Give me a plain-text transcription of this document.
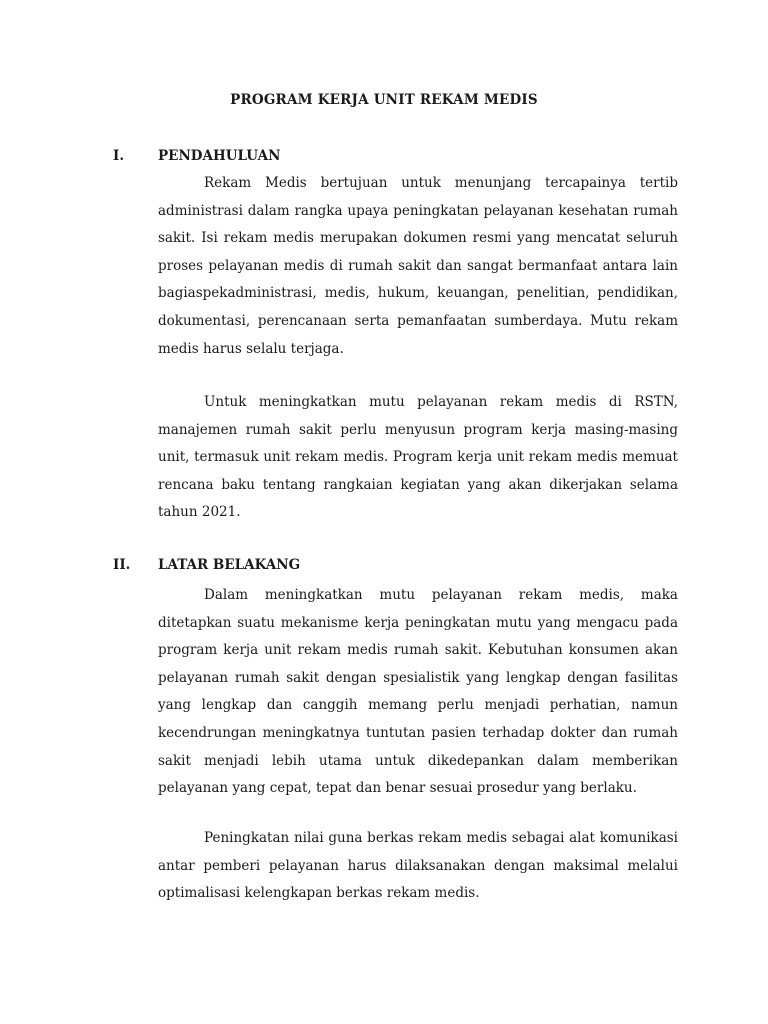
PROGRAM KERJA UNIT REKAM MEDIS
I.	PENDAHULUAN

Rekam Medis bertujuan untuk menunjang tercapainya tertib administrasi dalam rangka upaya peningkatan pelayanan kesehatan rumah sakit. Isi rekam medis merupakan dokumen resmi yang mencatat seluruh proses pelayanan medis di rumah sakit dan sangat bermanfaat antara lain bagiaspekadministrasi, medis, hukum, keuangan, penelitian, pendidikan, dokumentasi, perencanaan serta pemanfaatan sumberdaya. Mutu rekam medis harus selalu terjaga.

Untuk meningkatkan mutu pelayanan rekam medis di RSTN, manajemen rumah sakit perlu menyusun program kerja masing-masing unit, termasuk unit rekam medis. Program kerja unit rekam medis memuat rencana baku tentang rangkaian kegiatan yang akan dikerjakan selama tahun 2021.

II. LATAR BELAKANG

Dalam meningkatkan mutu pelayanan rekam medis, maka ditetapkan suatu mekanisme kerja peningkatan mutu yang mengacu pada program kerja unit rekam medis rumah sakit. Kebutuhan konsumen akan pelayanan rumah sakit dengan spesialistik yang lengkap dengan fasilitas yang lengkap dan canggih memang perlu menjadi perhatian, namun kecendrungan meningkatnya tuntutan pasien terhadap dokter dan rumah sakit menjadi lebih utama untuk dikedepankan dalam memberikan pelayanan yang cepat, tepat dan benar sesuai prosedur yang berlaku.

Peningkatan nilai guna berkas rekam medis sebagai alat komunikasi antar pemberi pelayanan harus dilaksanakan dengan maksimal melalui optimalisasi kelengkapan berkas rekam medis.
